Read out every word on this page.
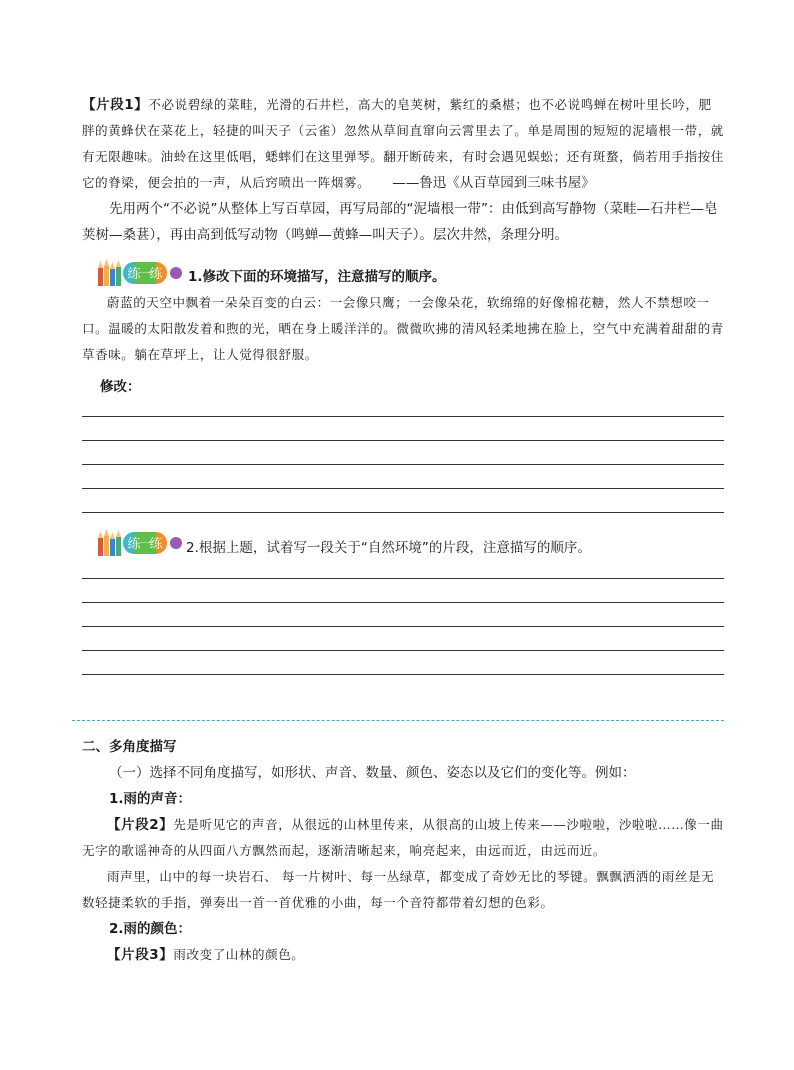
【片段1】不必说碧绿的菜畦，光滑的石井栏，高大的皂荚树，紫红的桑椹；也不必说鸣蝉在树叶里长吟，肥胖的黄蜂伏在菜花上，轻捷的叫天子（云雀）忽然从草间直窜向云霄里去了。单是周围的短短的泥墙根一带，就有无限趣味。油蛉在这里低唱，蟋蟀们在这里弹琴。翻开断砖来，有时会遇见蜈蚣；还有斑蝥，倘若用手指按住它的脊梁，便会拍的一声，从后窍喷出一阵烟雾。 ——鲁迅《从百草园到三味书屋》

先用两个“不必说”从整体上写百草园，再写局部的“泥墙根一带”：由低到高写静物（菜畦—石井栏—皂荚树—桑葚），再由高到低写动物（鸣蝉—黄蜂—叫天子）。层次井然，条理分明。

练
一
练 1.修改下面的环境描写，注意描写的顺序。

蔚蓝的天空中飘着一朵朵百变的白云：一会像只鹰；一会像朵花，软绵绵的好像棉花糖，然人不禁想咬一口。温暖的太阳散发着和煦的光，晒在身上暖洋洋的。微微吹拂的清风轻柔地拂在脸上，空气中充满着甜甜的青草香味。躺在草坪上，让人觉得很舒服。

修改：
练
一
练 2.根据上题，试着写一段关于“自然环境”的片段，注意描写的顺序。

二、多角度描写

（一）选择不同角度描写，如形状、声音、数量、颜色、姿态以及它们的变化等。例如：

1.雨的声音：

【片段2】先是听见它的声音，从很远的山林里传来，从很高的山坡上传来——沙啦啦，沙啦啦……像一曲无字的歌谣神奇的从四面八方飘然而起，逐渐清晰起来，响亮起来，由远而近，由远而近。

雨声里，山中的每一块岩石、 每一片树叶、每一丛绿草，都变成了奇妙无比的琴键。飘飘洒洒的雨丝是无数轻捷柔软的手指，弹奏出一首一首优雅的小曲，每一个音符都带着幻想的色彩。

2.雨的颜色：

【片段3】雨改变了山林的颜色。
